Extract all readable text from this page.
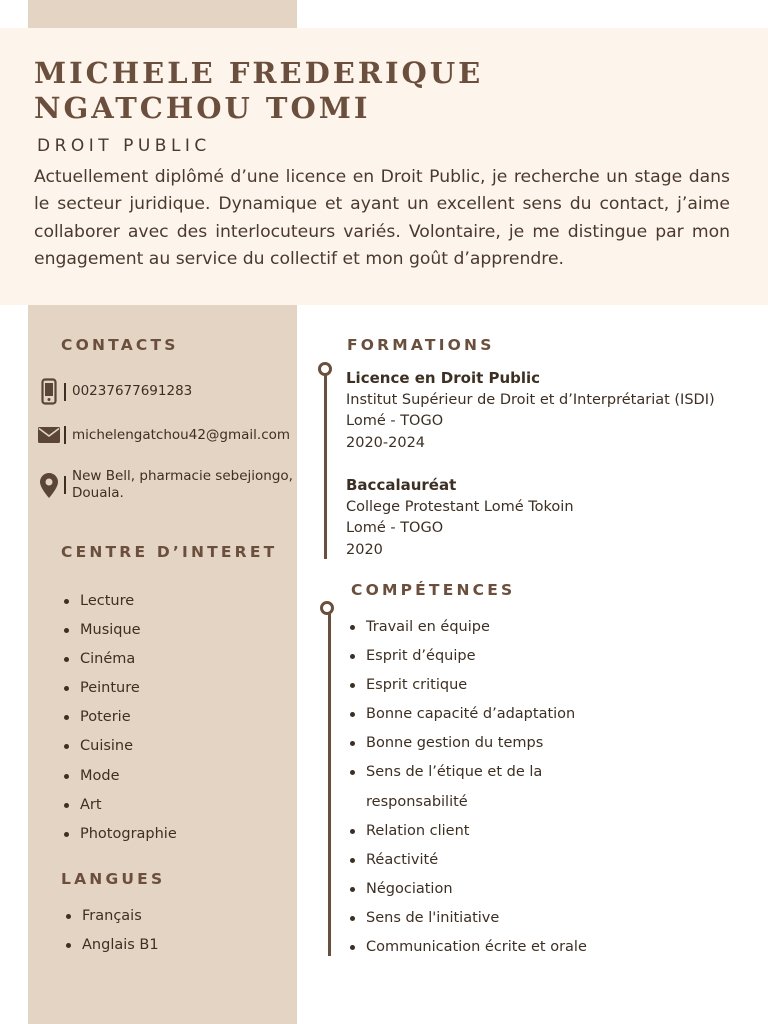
MICHELE FREDERIQUE
NGATCHOU TOMI
DROIT PUBLIC

Actuellement diplômé d’une licence en Droit Public, je recherche un stage dans le secteur juridique. Dynamique et ayant un excellent sens du contact, j’aime collaborer avec des interlocuteurs variés. Volontaire, je me distingue par mon engagement au service du collectif et mon goût d’apprendre.

CONTACTS
00237677691283
michelengatchou42@gmail.com
New Bell, pharmacie sebejiongo,
Douala.
CENTRE D’INTERET
Lecture
Musique
Cinéma
Peinture
Poterie
Cuisine
Mode
Art
Photographie
LANGUES
Français
Anglais B1
FORMATIONS
Licence en Droit Public
Institut Supérieur de Droit et d’Interprétariat (ISDI)
Lomé - TOGO
2020-2024
Baccalauréat
College Protestant Lomé Tokoin
Lomé - TOGO
2020
COMPÉTENCES
Travail en équipe
Esprit d’équipe
Esprit critique
Bonne capacité d’adaptation
Bonne gestion du temps
Sens de l’étique et de la
responsabilité
Relation client
Réactivité
Négociation
Sens de l'initiative
Communication écrite et orale
